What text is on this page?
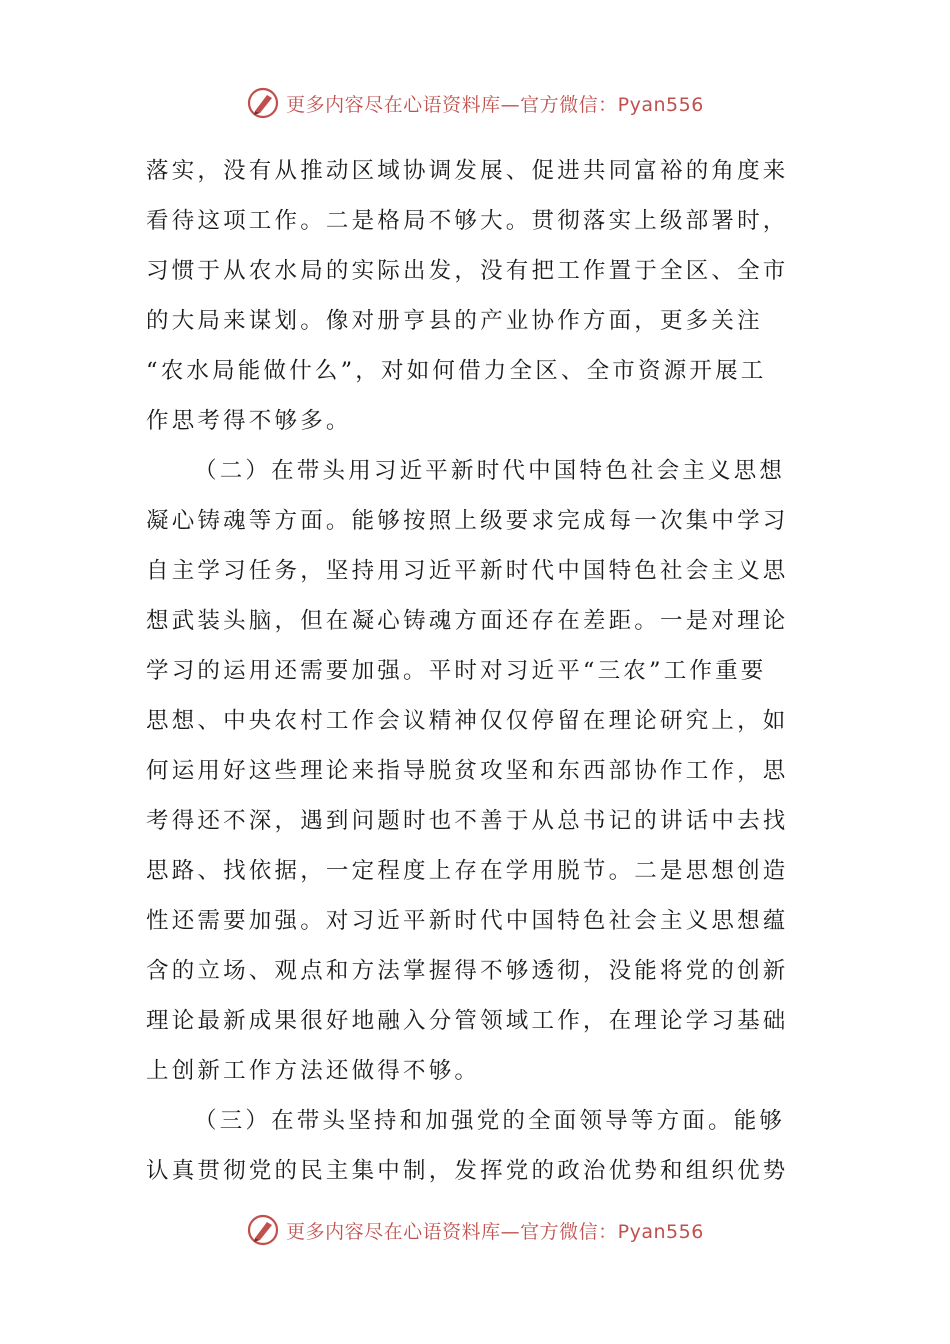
更多内容尽在心语资料库—官方微信：Pyan556
落实，没有从推动区域协调发展、促进共同富裕的角度来
看待这项工作。二是格局不够大。贯彻落实上级部署时，
习惯于从农水局的实际出发，没有把工作置于全区、全市
的大局来谋划。像对册亨县的产业协作方面，更多关注
“农水局能做什么”，对如何借力全区、全市资源开展工
作思考得不够多。
（二）在带头用习近平新时代中国特色社会主义思想
凝心铸魂等方面。能够按照上级要求完成每一次集中学习
自主学习任务，坚持用习近平新时代中国特色社会主义思
想武装头脑，但在凝心铸魂方面还存在差距。一是对理论
学习的运用还需要加强。平时对习近平“三农”工作重要
思想、中央农村工作会议精神仅仅停留在理论研究上，如
何运用好这些理论来指导脱贫攻坚和东西部协作工作，思
考得还不深，遇到问题时也不善于从总书记的讲话中去找
思路、找依据，一定程度上存在学用脱节。二是思想创造
性还需要加强。对习近平新时代中国特色社会主义思想蕴
含的立场、观点和方法掌握得不够透彻，没能将党的创新
理论最新成果很好地融入分管领域工作，在理论学习基础
上创新工作方法还做得不够。
（三）在带头坚持和加强党的全面领导等方面。能够
认真贯彻党的民主集中制，发挥党的政治优势和组织优势
更多内容尽在心语资料库—官方微信：Pyan556
